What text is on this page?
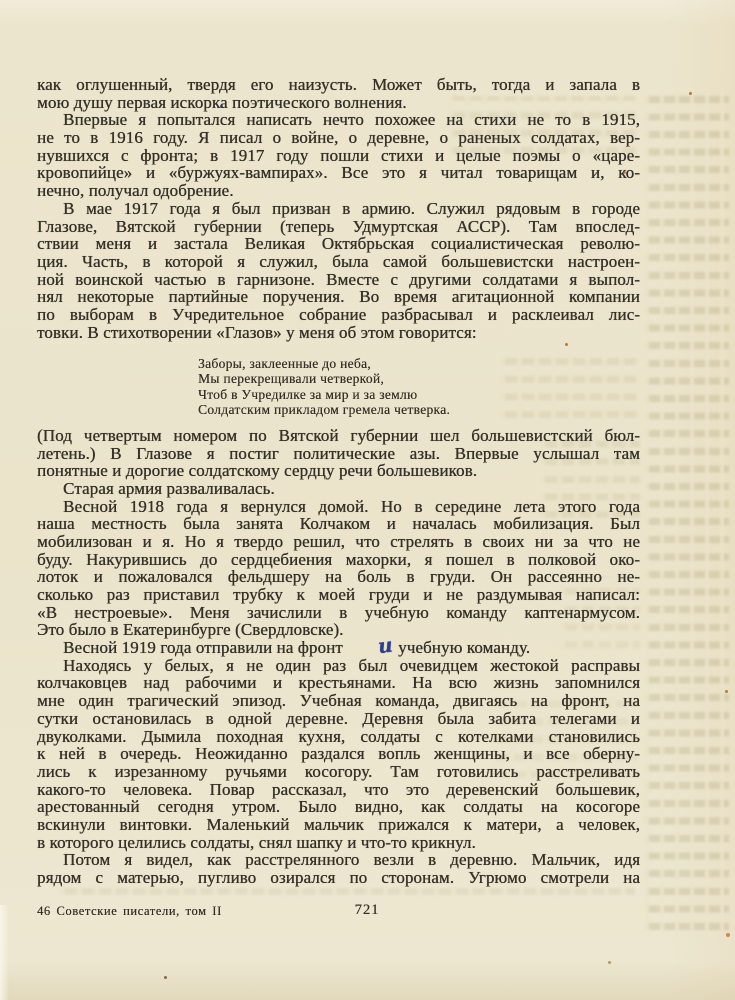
как оглушенный, твердя его наизусть. Может быть, тогда и запала в
мою душу первая искорка поэтического волнения.
Впервые я попытался написать нечто похожее на стихи не то в 1915,
не то в 1916 году. Я писал о войне, о деревне, о раненых солдатах, вер-
нувшихся с фронта; в 1917 году пошли стихи и целые поэмы о «царе-
кровопийце» и «буржуях-вампирах». Все это я читал товарищам и, ко-
нечно, получал одобрение.
В мае 1917 года я был призван в армию. Служил рядовым в городе
Глазове, Вятской губернии (теперь Удмуртская АССР). Там впослед-
ствии меня и застала Великая Октябрьская социалистическая револю-
ция. Часть, в которой я служил, была самой большевистски настроен-
ной воинской частью в гарнизоне. Вместе с другими солдатами я выпол-
нял некоторые партийные поручения. Во время агитационной компании
по выборам в Учредительное собрание разбрасывал и расклеивал лис-
товки. В стихотворении «Глазов» у меня об этом говорится:
Заборы, заклеенные до неба,
Мы перекрещивали четверкой,
Чтоб в Учредилке за мир и за землю
Солдатским прикладом гремела четверка.
(Под четвертым номером по Вятской губернии шел большевистский бюл-
летень.) В Глазове я постиг политические азы. Впервые услышал там
понятные и дорогие солдатскому сердцу речи большевиков.
Старая армия разваливалась.
Весной 1918 года я вернулся домой. Но в середине лета этого года
наша местность была занята Колчаком и началась мобилизация. Был
мобилизован и я. Но я твердо решил, что стрелять в своих ни за что не
буду. Накурившись до сердцебиения махорки, я пошел в полковой око-
лоток и пожаловался фельдшеру на боль в груди. Он рассеянно не-
сколько раз приставил трубку к моей груди и не раздумывая написал:
«В нестроевые». Меня зачислили в учебную команду каптенармусом.
Это было в Екатеринбурге (Свердловске).
Весной 1919 года отправили на фронт и учебную команду.
Находясь у белых, я не один раз был очевидцем жестокой расправы
колчаковцев над рабочими и крестьянами. На всю жизнь запомнился
мне один трагический эпизод. Учебная команда, двигаясь на фронт, на
сутки остановилась в одной деревне. Деревня была забита телегами и
двуколками. Дымила походная кухня, солдаты с котелками становились
к ней в очередь. Неожиданно раздался вопль женщины, и все оберну-
лись к изрезанному ручьями косогору. Там готовились расстреливать
какого-то человека. Повар рассказал, что это деревенский большевик,
арестованный сегодня утром. Было видно, как солдаты на косогоре
вскинули винтовки. Маленький мальчик прижался к матери, а человек,
в которого целились солдаты, снял шапку и что-то крикнул.
Потом я видел, как расстрелянного везли в деревню. Мальчик, идя
рядом с матерью, пугливо озирался по сторонам. Угрюмо смотрели на
46 Советские писатели, том II	721
